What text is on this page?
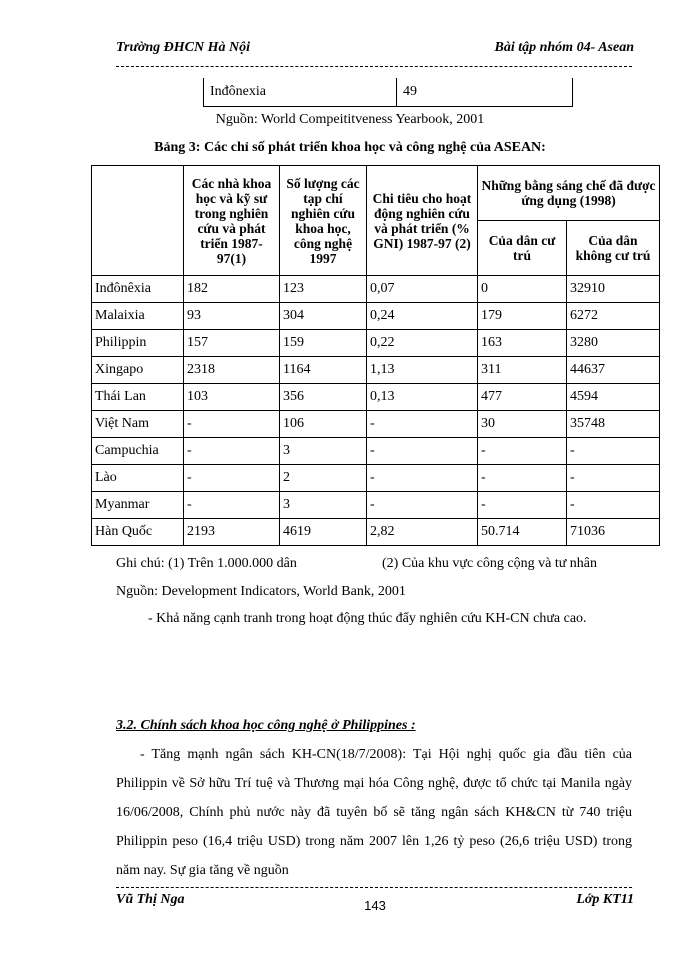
Trường ĐHCN Hà Nội	Bài tập nhóm 04- Asean
Inđônexia	49
Nguồn: World Compeititveness Yearbook, 2001
Bảng 3: Các chỉ số phát triển khoa học và công nghệ của ASEAN:
	Các nhà khoa học và kỹ sư trong nghiên cứu và phát triển 1987-97(1)	Số lượng các tạp chí nghiên cứu khoa học, công nghệ 1997	Chi tiêu cho hoạt động nghiên cứu và phát triển (% GNI) 1987-97 (2)	Những bằng sáng chế đã được ứng dụng (1998)	
				Của dân cư trú	Của dân không cư trú
Inđônêxia	182	123	0,07	0	32910
Malaixia	93	304	0,24	179	6272
Philippin	157	159	0,22	163	3280
Xingapo	2318	1164	1,13	311	44637
Thái Lan	103	356	0,13	477	4594
Việt Nam	-	106	-	30	35748
Campuchia	-	3	-	-	-
Lào	-	2	-	-	-
Myanmar	-	3	-	-	-
Hàn Quốc	2193	4619	2,82	50.714	71036
Ghi chú: (1) Trên 1.000.000 dân	(2) Của khu vực công cộng và tư nhân
Nguồn: Development Indicators, World Bank, 2001
- Khả năng cạnh tranh trong hoạt động thúc đẩy nghiên cứu KH-CN chưa cao.
3.2. Chính sách khoa học công nghệ ở Philippines :
- Tăng mạnh ngân sách KH-CN(18/7/2008): Tại Hội nghị quốc gia đầu tiên của Philippin về Sở hữu Trí tuệ và Thương mại hóa Công nghệ, được tổ chức tại Manila ngày 16/06/2008, Chính phủ nước này đã tuyên bố sẽ tăng ngân sách KH&CN từ 740 triệu Philippin peso (16,4 triệu USD) trong năm 2007 lên 1,26 tỷ peso (26,6 triệu USD) trong năm nay. Sự gia tăng về nguồn
Vũ Thị Nga	143	Lớp KT11
